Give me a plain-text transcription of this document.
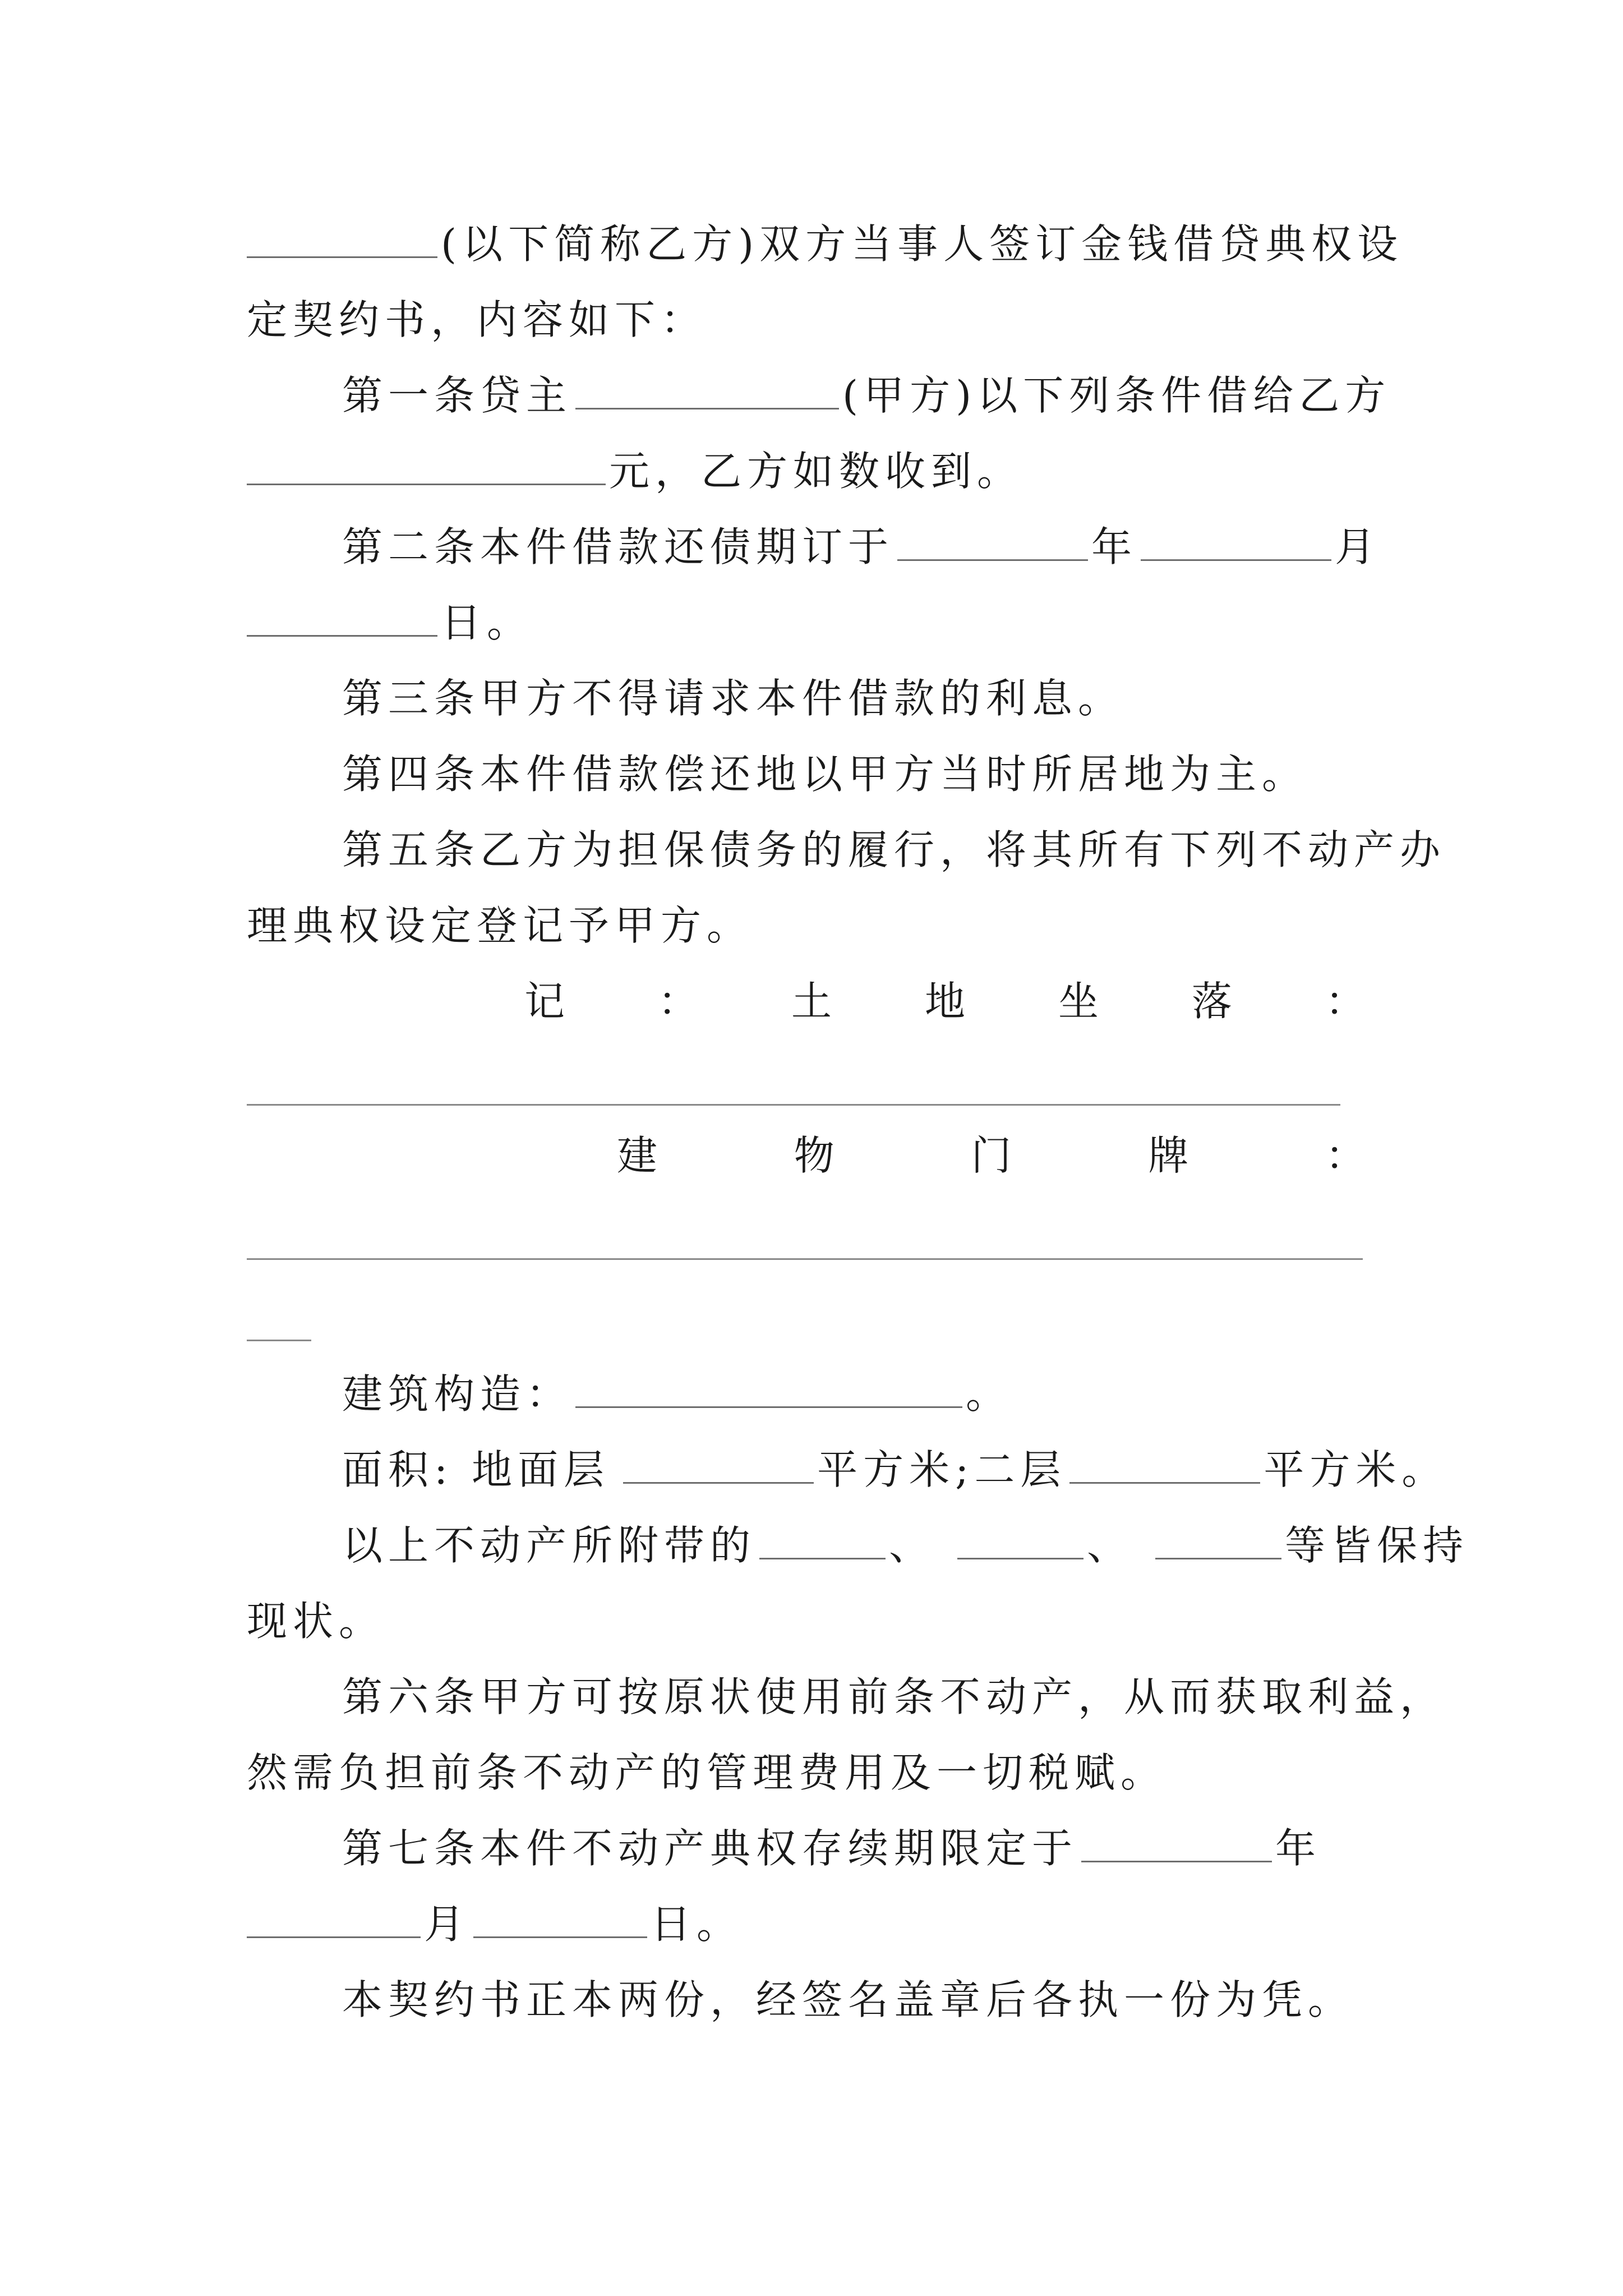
(以下简称乙方)双方当事人签订金钱借贷典权设
定契约书，内容如下：
第一条贷主	(甲方)以下列条件借给乙方
元，乙方如数收到。
第二条本件借款还债期订于	年	月
日。
第三条甲方不得请求本件借款的利息。
第四条本件借款偿还地以甲方当时所居地为主。
第五条乙方为担保债务的履行，将其所有下列不动产办
理典权设定登记予甲方。
记 ： 土 地 坐 落 ：
建	物	门	牌	：
建筑构造：	。
面积: 地面层	平方米;二层	平方米。
以上不动产所附带的	、	、	等皆保持
现状。
第六条甲方可按原状使用前条不动产，从而获取利益，
然需负担前条不动产的管理费用及一切税赋。
第七条本件不动产典权存续期限定于	年
月	日。
本契约书正本两份，经签名盖章后各执一份为凭。
